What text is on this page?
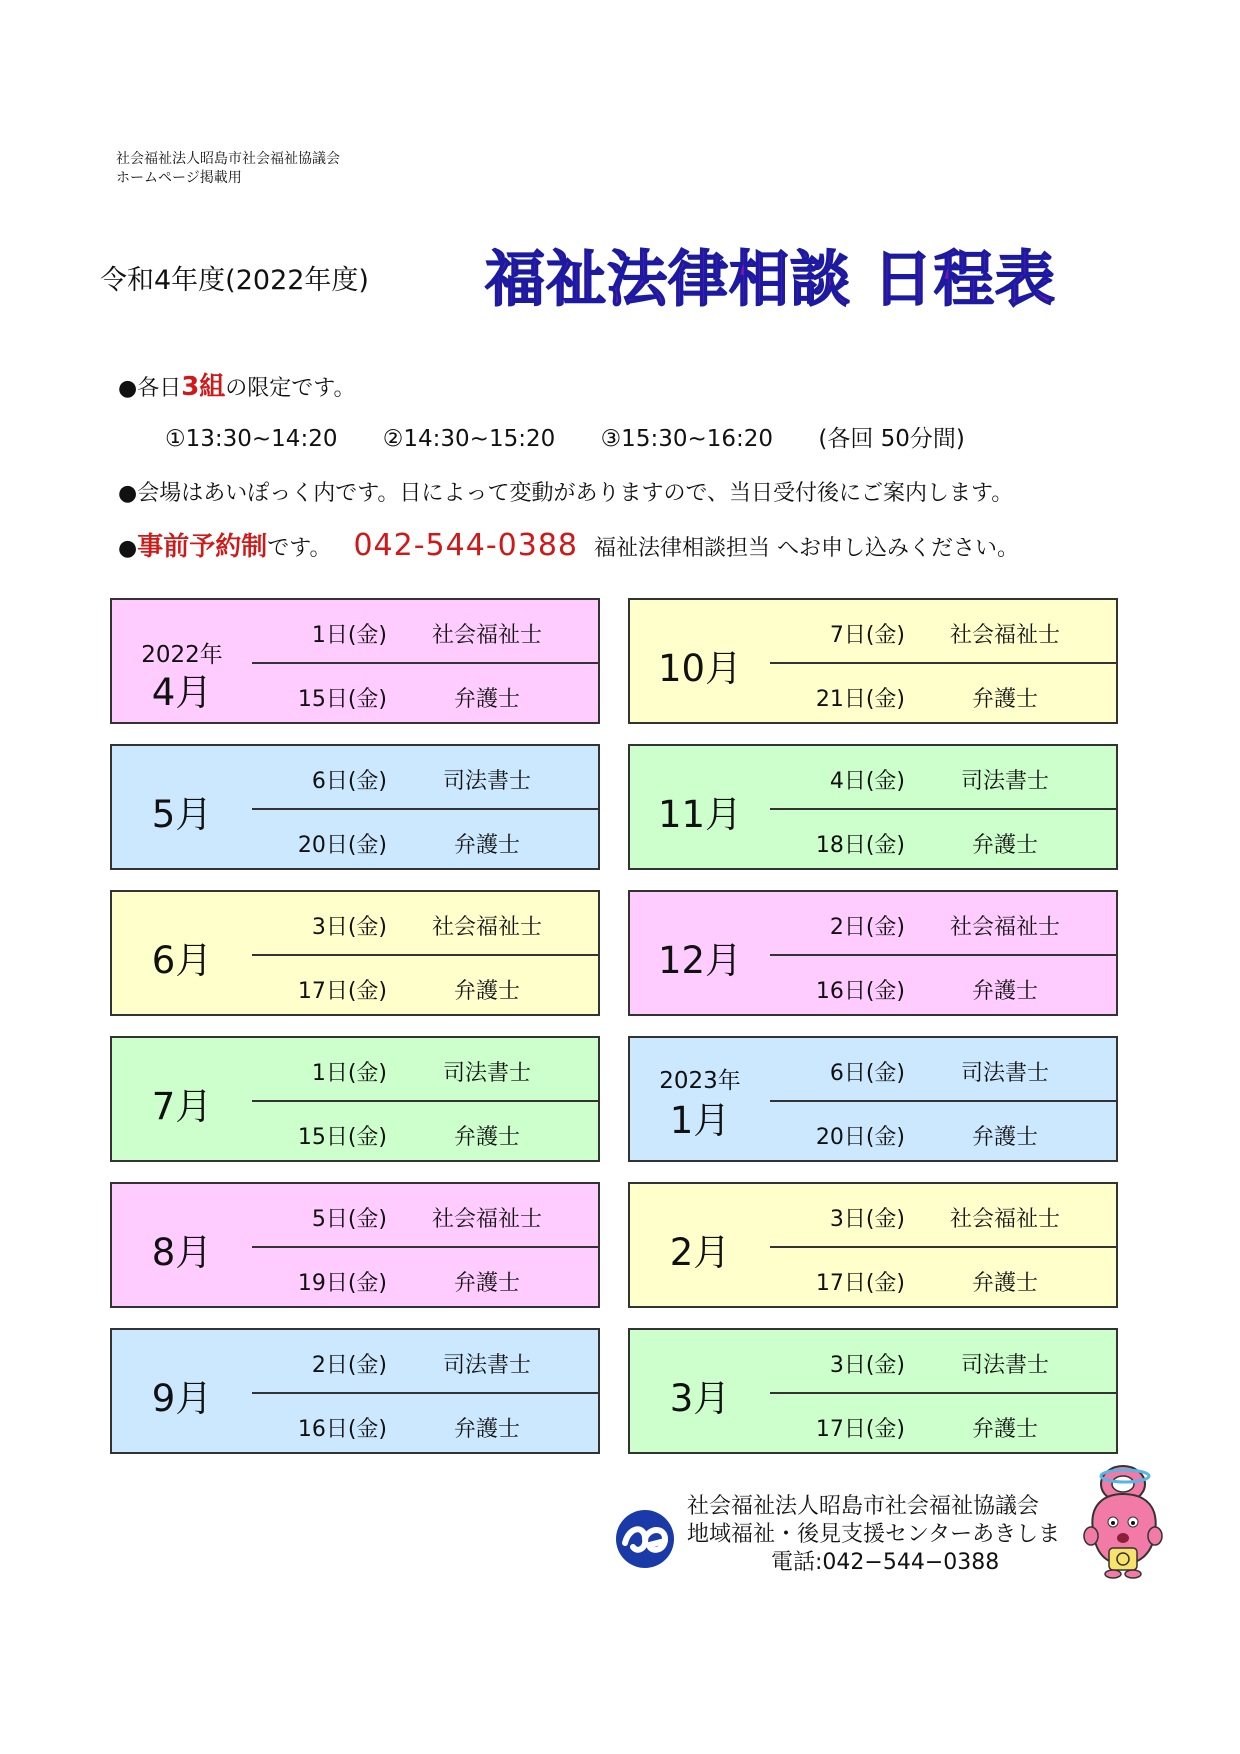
社会福祉法人昭島市社会福祉協議会
ホームページ掲載用
令和4年度(2022年度) 福祉法律相談 日程表
●各日3組の限定です。
①13:30~14:20 ②14:30~15:20 ③15:30~16:20 (各回 50分間)
●会場はあいぽっく内です。日によって変動がありますので、当日受付後にご案内します。
●事前予約制です。 042-544-0388 福祉法律相談担当 へお申し込みください。
2022年
4月
1日(金)	社会福祉士
15日(金)	弁護士
10月
7日(金)	社会福祉士
21日(金)	弁護士
5月
6日(金)	司法書士
20日(金)	弁護士
11月
4日(金)	司法書士
18日(金)	弁護士
6月
3日(金)	社会福祉士
17日(金)	弁護士
12月
2日(金)	社会福祉士
16日(金)	弁護士
7月
1日(金)	司法書士
15日(金)	弁護士
2023年
1月
6日(金)	司法書士
20日(金)	弁護士
8月
5日(金)	社会福祉士
19日(金)	弁護士
2月
3日(金)	社会福祉士
17日(金)	弁護士
9月
2日(金)	司法書士
16日(金)	弁護士
3月
3日(金)	司法書士
17日(金)	弁護士
社会福祉法人昭島市社会福祉協議会
地域福祉・後見支援センターあきしま
電話:042−544−0388
